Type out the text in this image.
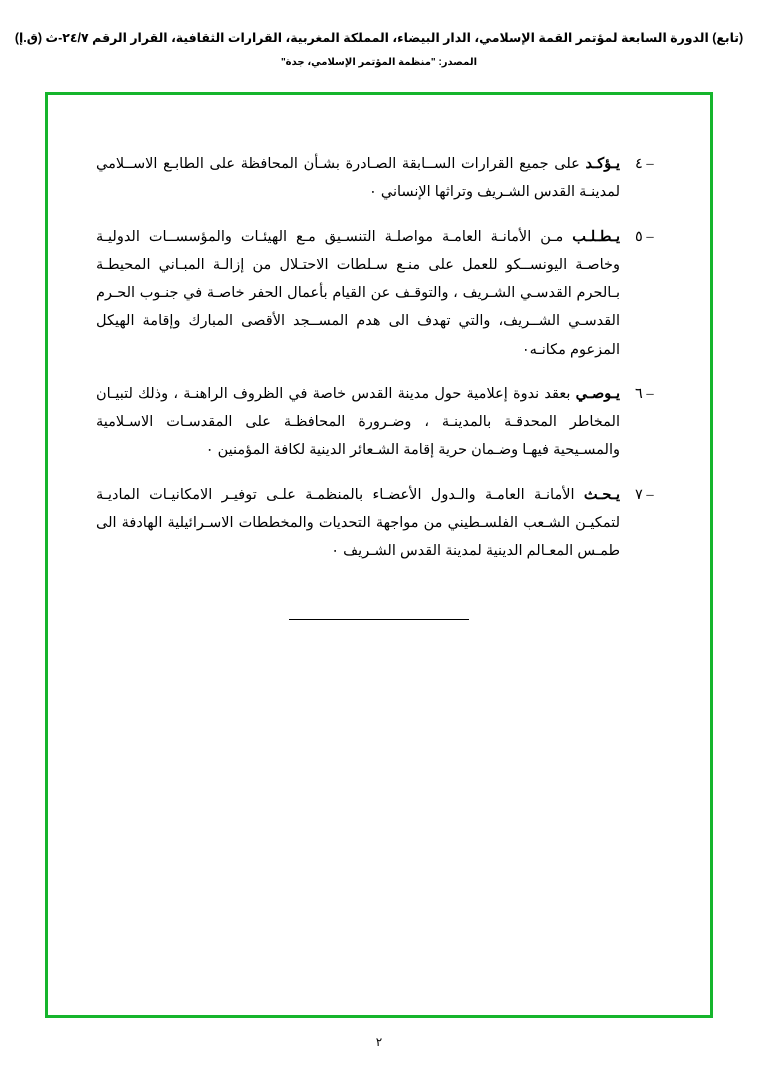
(تابع) الدورة السابعة لمؤتمر القمة الإسلامي، الدار البيضاء، المملكة المغربية، القرارات الثقافية، القرار الرقم ٢٤/٧-ث (ق.إ)
المصدر: "منظمة المؤتمر الإسلامي، جدة"
– ٤
يـؤكـد على جميع القرارات الســابقة الصـادرة بشـأن المحافظة على الطابـع الاســلامي لمدينـة القدس الشـريف وتراثها الإنساني ٠
– ٥
يـطـلـب مـن الأمانـة العامـة مواصلـة التنسـيق مـع الهيئـات والمؤسســات الدوليـة وخاصـة اليونســكو للعمل على منـع سـلطات الاحتـلال من إزالـة المبـاني المحيطـة بـالحرم القدسـي الشـريف ، والتوقـف عن القيام بأعمال الحفر خاصـة في جنـوب الحـرم القدسـي الشــريف، والتي تهدف الى هدم المســجد الأقصى المبارك وإقامة الهيكل المزعوم مكانـه٠
– ٦
يـوصـي بعقد ندوة إعلامية حول مدينة القدس خاصة في الظروف الراهنـة ، وذلك لتبيـان المخاطر المحدقـة بالمدينـة ، وضـرورة المحافظـة على المقدسـات الاسـلامية والمسـيحية فيهـا وضـمان حرية إقامة الشـعائر الدينية لكافة المؤمنين ٠
– ٧
يـحـث الأمانـة العامـة والـدول الأعضـاء بالمنظمـة علـى توفيـر الامكانيـات الماديـة لتمكيـن الشـعب الفلسـطيني من مواجهة التحديات والمخططات الاسـرائيلية الهادفة الى طمـس المعـالم الدينية لمدينة القدس الشـريف ٠
٢
